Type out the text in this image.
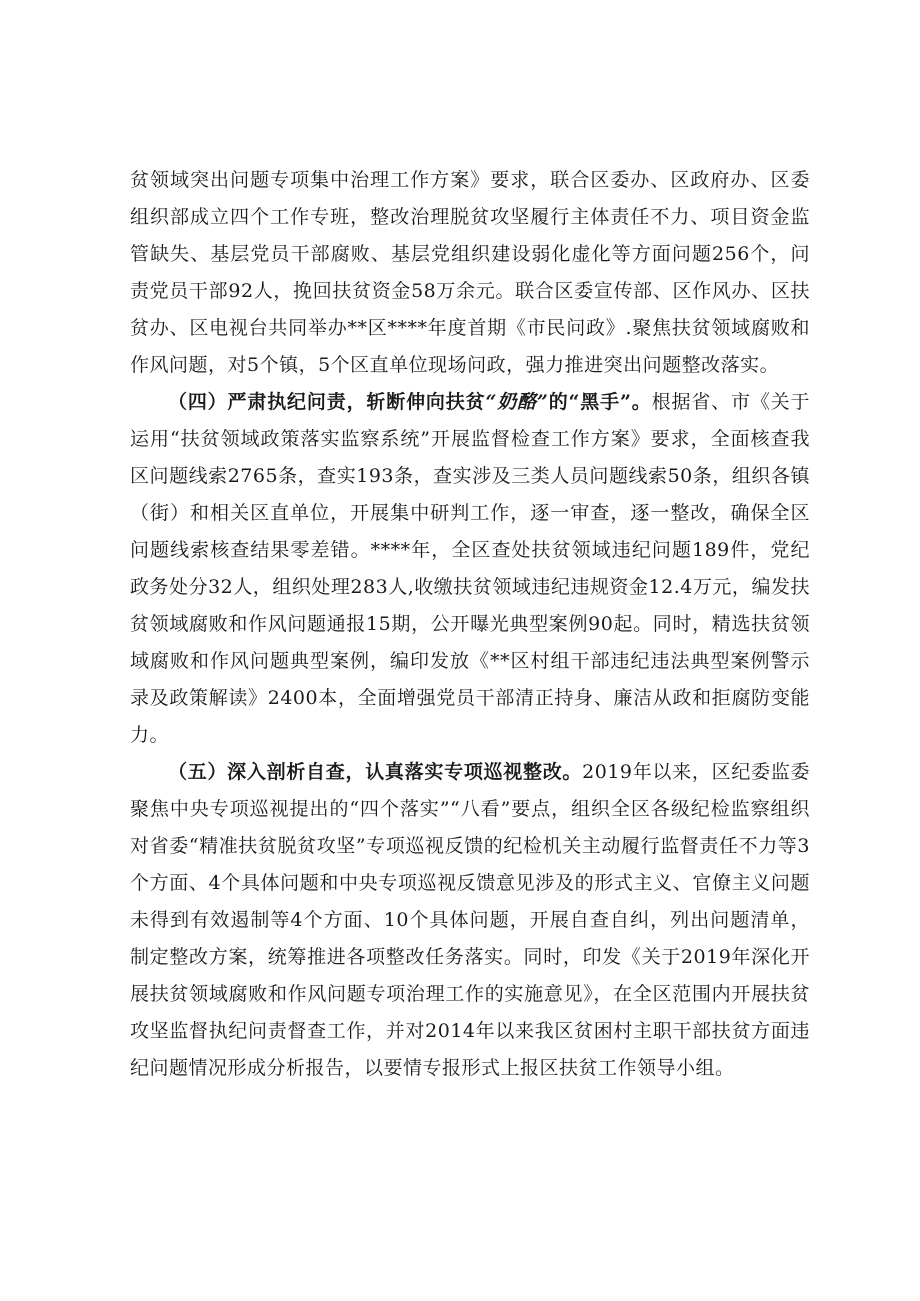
贫领域突出问题专项集中治理工作方案》要求，联合区委办、区政府办、区委组织部成立四个工作专班，整改治理脱贫攻坚履行主体责任不力、项目资金监管缺失、基层党员干部腐败、基层党组织建设弱化虚化等方面问题256个，问责党员干部92人，挽回扶贫资金58万余元。联合区委宣传部、区作风办、区扶贫办、区电视台共同举办**区****年度首期《市民问政》.聚焦扶贫领域腐败和作风问题，对5个镇，5个区直单位现场问政，强力推进突出问题整改落实。

（四）严肃执纪问责，斩断伸向扶贫“奶酪”的“黑手”。根据省、市《关于运用“扶贫领域政策落实监察系统”开展监督检查工作方案》要求，全面核查我区问题线索2765条，查实193条，查实涉及三类人员问题线索50条，组织各镇（街）和相关区直单位，开展集中研判工作，逐一审查，逐一整改，确保全区问题线索核查结果零差错。****年，全区查处扶贫领域违纪问题189件，党纪政务处分32人，组织处理283人,收缴扶贫领域违纪违规资金12.4万元，编发扶贫领域腐败和作风问题通报15期，公开曝光典型案例90起。同时，精选扶贫领域腐败和作风问题典型案例，编印发放《**区村组干部违纪违法典型案例警示录及政策解读》2400本，全面增强党员干部清正持身、廉洁从政和拒腐防变能力。

（五）深入剖析自查，认真落实专项巡视整改。2019年以来，区纪委监委聚焦中央专项巡视提出的“四个落实”“八看”要点，组织全区各级纪检监察组织对省委“精准扶贫脱贫攻坚”专项巡视反馈的纪检机关主动履行监督责任不力等3个方面、4个具体问题和中央专项巡视反馈意见涉及的形式主义、官僚主义问题未得到有效遏制等4个方面、10个具体问题，开展自查自纠，列出问题清单，制定整改方案，统筹推进各项整改任务落实。同时，印发《关于2019年深化开展扶贫领域腐败和作风问题专项治理工作的实施意见》，在全区范围内开展扶贫攻坚监督执纪问责督查工作，并对2014年以来我区贫困村主职干部扶贫方面违纪问题情况形成分析报告，以要情专报形式上报区扶贫工作领导小组。
